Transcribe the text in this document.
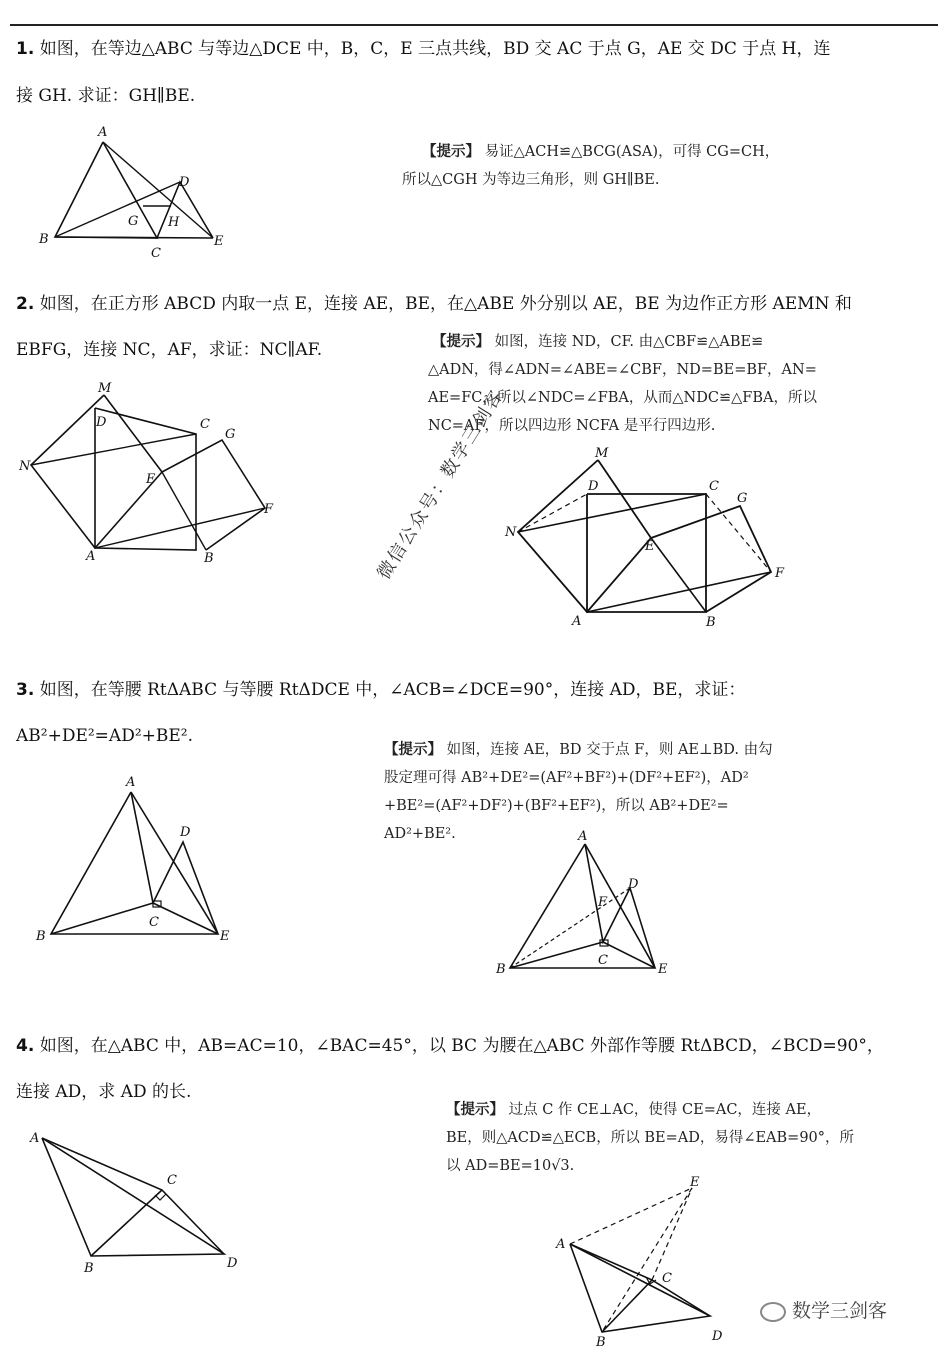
1. 如图，在等边△ABC 与等边△DCE 中，B，C，E 三点共线，BD 交 AC 于点 G，AE 交 DC 于点 H，连
接 GH. 求证：GH∥BE.
A
B
C
D
E
G H
【提示】 易证△ACH≌△BCG(ASA)，可得 CG=CH，
所以△CGH 为等边三角形，则 GH∥BE.
2. 如图，在正方形 ABCD 内取一点 E，连接 AE，BE，在△ABE 外分别以 AE，BE 为边作正方形 AEMN 和
EBFG，连接 NC，AF，求证：NC∥AF.
M
D	C
G
N
E
F
A	B
【提示】 如图，连接 ND，CF. 由△CBF≌△ABE≌
△ADN，得∠ADN=∠ABE=∠CBF，ND=BE=BF，AN=
AE=FC，所以∠NDC=∠FBA，从而△NDC≌△FBA，所以
NC=AF，所以四边形 NCFA 是平行四边形.
M
D	C
G
N
E
F
A	B
3. 如图，在等腰 RtΔABC 与等腰 RtΔDCE 中，∠ACB=∠DCE=90°，连接 AD，BE，求证：
AB²+DE²=AD²+BE².
A
D
C
B	E
【提示】 如图，连接 AE，BD 交于点 F，则 AE⊥BD. 由勾
股定理可得 AB²+DE²=(AF²+BF²)+(DF²+EF²)，AD²
+BE²=(AF²+DF²)+(BF²+EF²)，所以 AB²+DE²=
AD²+BE².	A
D
F
C
B	E
4. 如图，在△ABC 中，AB=AC=10，∠BAC=45°，以 BC 为腰在△ABC 外部作等腰 RtΔBCD，∠BCD=90°，
连接 AD，求 AD 的长.
A
C
B	D
【提示】 过点 C 作 CE⊥AC，使得 CE=AC，连接 AE，
BE，则△ACD≌△ECB，所以 BE=AD，易得∠EAB=90°，所
以 AD=BE=10√3.
E
A
C
B	D
微信公众号：数学三剑客
数学三剑客
